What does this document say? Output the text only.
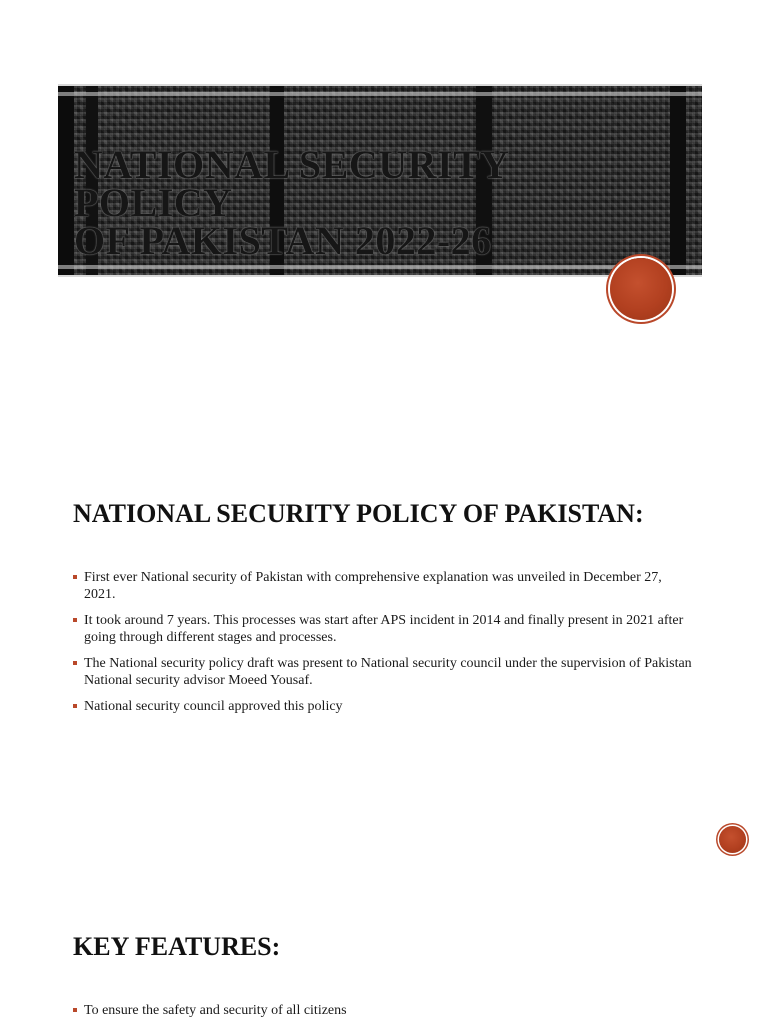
NATIONAL SECURITY POLICY
OF PAKISTAN 2022-26
NATIONAL SECURITY POLICY OF PAKISTAN:
First ever National security of Pakistan with comprehensive explanation was unveiled in December 27, 2021.
It took around 7 years. This processes was start after APS incident in 2014 and finally present in 2021 after going through different stages and processes.
The National security policy draft was present to National security council under the supervision of Pakistan National security advisor Moeed Yousaf.
National security council approved this policy
KEY FEATURES:
To ensure the safety and security of all citizens
